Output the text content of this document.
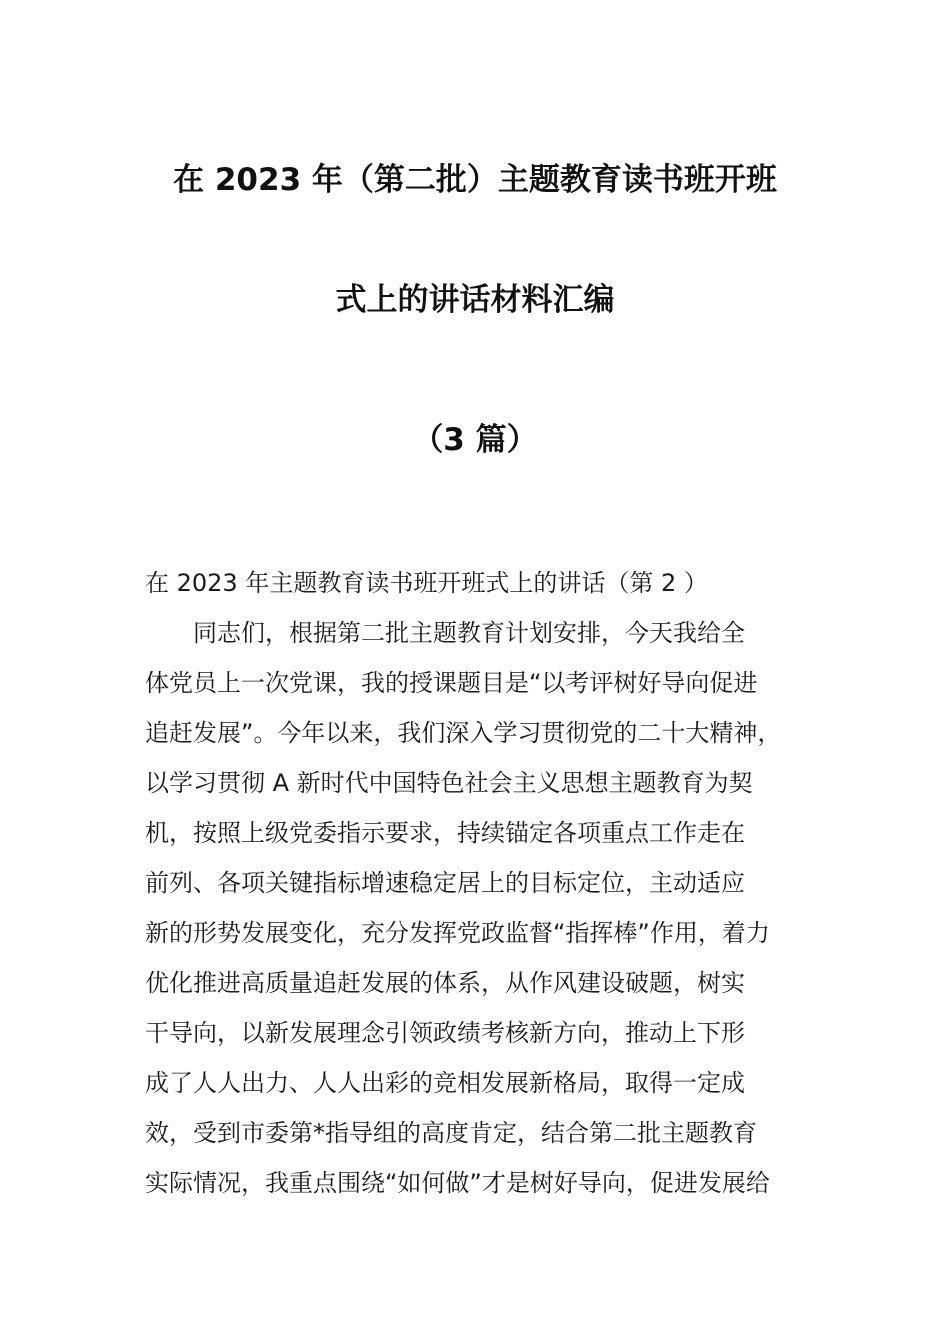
在 2023 年（第二批）主题教育读书班开班
式上的讲话材料汇编
（3 篇）
在 2023 年主题教育读书班开班式上的讲话（第 2 ）
　　同志们，根据第二批主题教育计划安排，今天我给全
体党员上一次党课，我的授课题目是“以考评树好导向促进
追赶发展”。今年以来，我们深入学习贯彻党的二十大精神，
以学习贯彻 A 新时代中国特色社会主义思想主题教育为契
机，按照上级党委指示要求，持续锚定各项重点工作走在
前列、各项关键指标增速稳定居上的目标定位，主动适应
新的形势发展变化，充分发挥党政监督“指挥棒”作用，着力
优化推进高质量追赶发展的体系，从作风建设破题，树实
干导向，以新发展理念引领政绩考核新方向，推动上下形
成了人人出力、人人出彩的竞相发展新格局，取得一定成
效，受到市委第*指导组的高度肯定，结合第二批主题教育
实际情况，我重点围绕“如何做”才是树好导向，促进发展给
